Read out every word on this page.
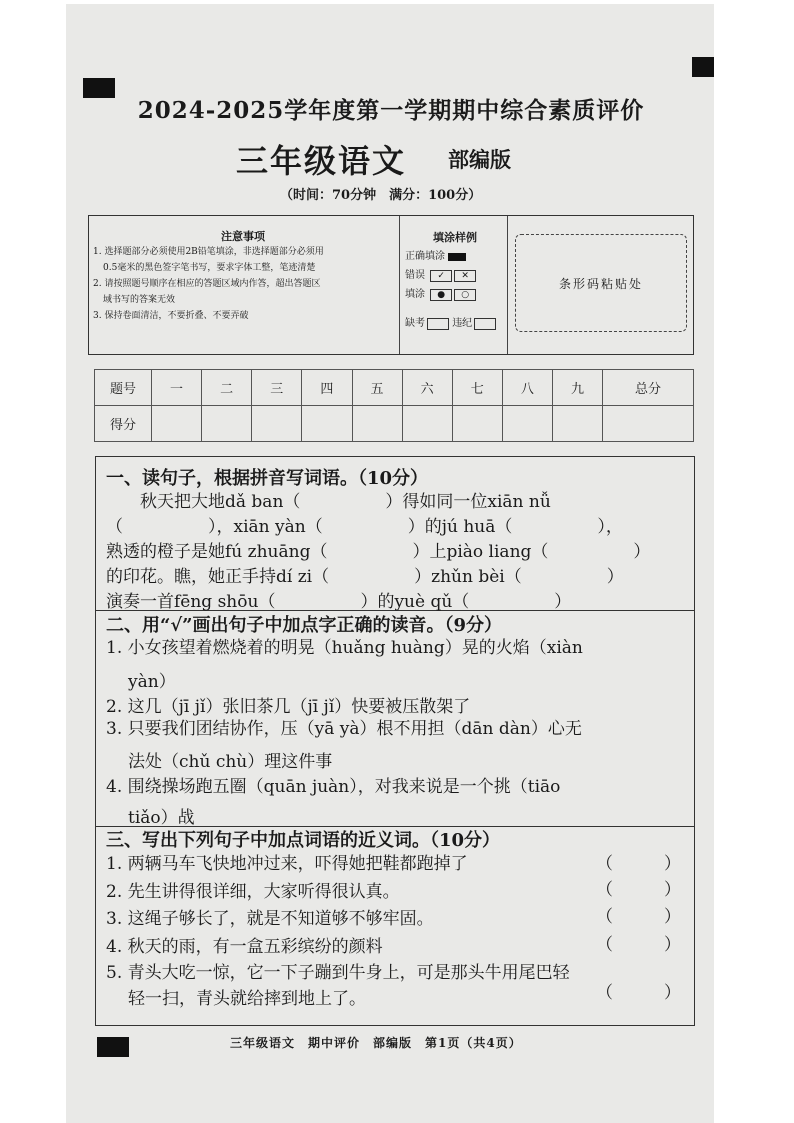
2024-2025学年度第一学期期中综合素质评价
三年级语文 部编版
（时间：70分钟　满分：100分）
注意事项
1. 选择题部分必须使用2B铅笔填涂，非选择题部分必须用
0.5毫米的黑色签字笔书写，要求字体工整，笔迹清楚
2. 请按照题号顺序在相应的答题区域内作答，超出答题区
域书写的答案无效
3. 保持卷面清洁，不要折叠、不要弄破
填涂样例
正确填涂
错误 ✓ ✕
填涂 ● ○
缺考	违纪
条形码粘贴处
题号	一	二	三	四	五	六	七	八	九	总分
得分										
一、读句子，根据拼音写词语。（10分）
秋天把大地dǎ ban（　　　　　）得如同一位xiān nǚ
（　　　　　），xiān yàn（　　　　　）的jú huā（　　　　　），
熟透的橙子是她fú zhuāng（　　　　　）上piào liang（　　　　　）
的印花。瞧，她正手持dí zi（　　　　　）zhǔn bèi（　　　　　）
演奏一首fēng shōu（　　　　　）的yuè qǔ（　　　　　）
二、用“√”画出句子中加点字正确的读音。（9分）
1. 小女孩望着燃烧着的明晃（huǎng huàng）晃的火焰（xiàn
yàn）
2. 这几（jī jǐ）张旧茶几（jī jǐ）快要被压散架了
3. 只要我们团结协作，压（yā yà）根不用担（dān dàn）心无
法处（chǔ chù）理这件事
4. 围绕操场跑五圈（quān juàn），对我来说是一个挑（tiāo
tiǎo）战
三、写出下列句子中加点词语的近义词。（10分）
1. 两辆马车飞快地冲过来，吓得她把鞋都跑掉了	（　　　）
2. 先生讲得很详细，大家听得很认真。	（　　　）
3. 这绳子够长了，就是不知道够不够牢固。	（　　　）
4. 秋天的雨，有一盒五彩缤纷的颜料	（　　　）
5. 青头大吃一惊，它一下子蹦到牛身上，可是那头牛用尾巴轻
轻一扫，青头就给摔到地上了。	（　　　）
三年级语文　期中评价　部编版　第1页（共4页）
